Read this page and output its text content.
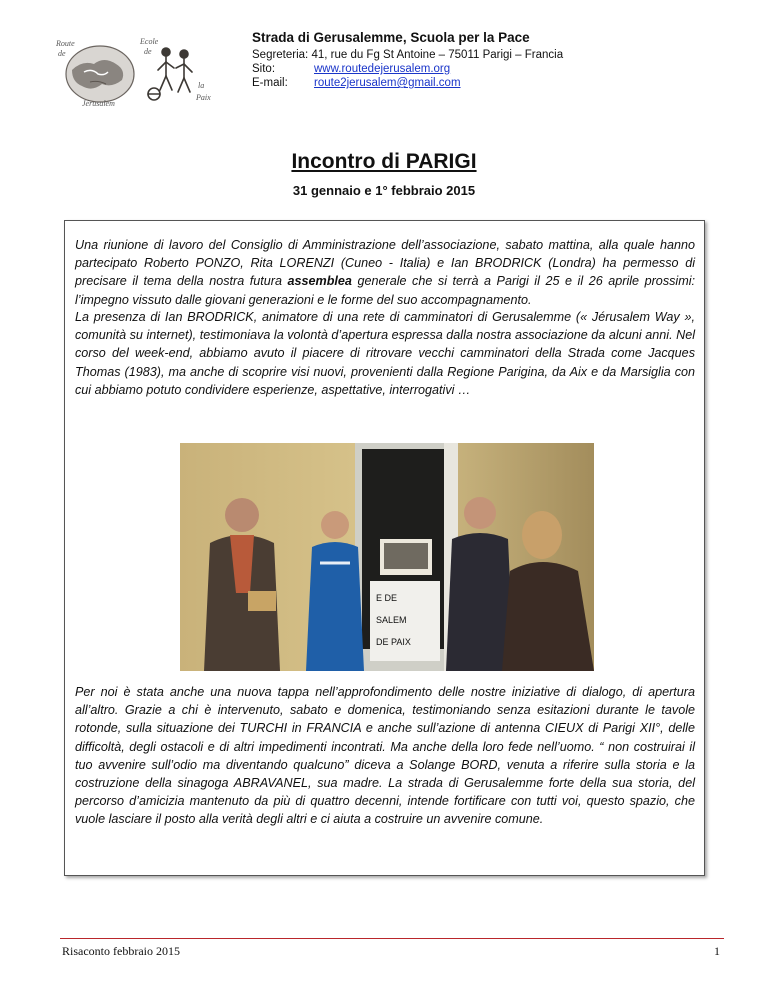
Route
de
Ecole
de
Jérusalem
la
Paix

Strada di Gerusalemme, Scuola per la Pace

Segreteria: 41, rue du Fg St Antoine – 75011 Parigi – Francia

Sito:	www.routedejerusalem.org

E-mail: route2jerusalem@gmail.com

Incontro di PARIGI

31 gennaio e 1° febbraio 2015

Una riunione di lavoro del Consiglio di Amministrazione dell’associazione, sabato mattina, alla quale hanno partecipato Roberto PONZO, Rita LORENZI (Cuneo - Italia) e Ian BRODRICK (Londra) ha permesso di precisare il tema della nostra futura assemblea generale che si terrà a Parigi il 25 e il 26 aprile prossimi: l’impegno vissuto dalle giovani generazioni e le forme del suo accompagnamento.

La presenza di Ian BRODRICK, animatore di una rete di camminatori di Gerusalemme (« Jérusalem Way », comunità su internet), testimoniava la volontà d’apertura espressa dalla nostra associazione da alcuni anni. Nel corso del week-end, abbiamo avuto il piacere di ritrovare vecchi camminatori della Strada come Jacques Thomas (1983), ma anche di scoprire visi nuovi, provenienti dalla Regione Parigina, da Aix e da Marsiglia con cui abbiamo potuto condividere esperienze, aspettative, interrogativi …

E DE
SALEM
DE PAIX

Per noi è stata anche una nuova tappa nell’approfondimento delle nostre iniziative di dialogo, di apertura all’altro. Grazie a chi è intervenuto, sabato e domenica, testimoniando senza esitazioni durante le tavole rotonde, sulla situazione dei TURCHI in FRANCIA e anche sull’azione di antenna CIEUX di Parigi XII°, delle difficoltà, degli ostacoli e di altri impedimenti incontrati. Ma anche della loro fede nell’uomo. “ non costruirai il tuo avvenire sull’odio ma diventando qualcuno” diceva a Solange BORD, venuta a riferire sulla storia e la costruzione della sinagoga ABRAVANEL, sua madre. La strada di Gerusalemme forte della sua storia, del percorso d’amicizia mantenuto da più di quattro decenni, intende fortificare con tutti voi, questo spazio, che vuole lasciare il posto alla verità degli altri e ci aiuta a costruire un avvenire comune.

Risaconto febbraio 2015	1
